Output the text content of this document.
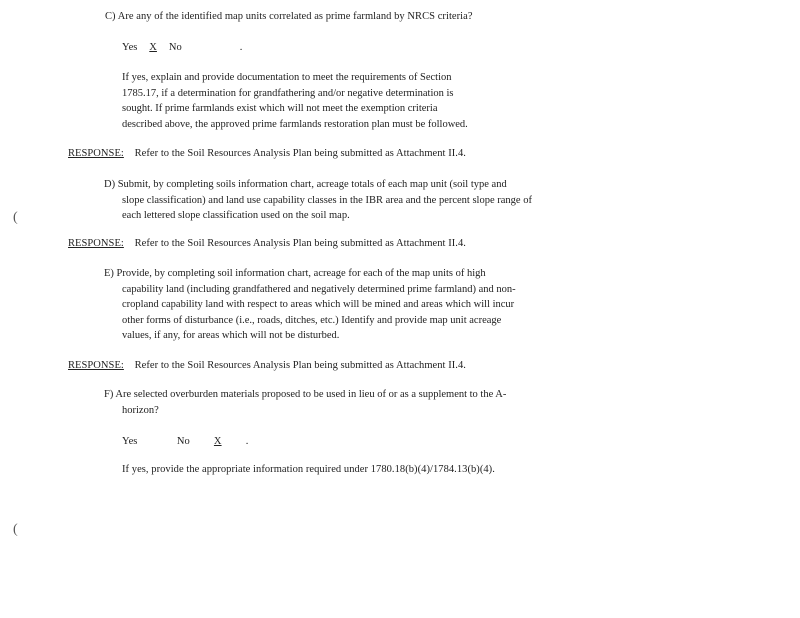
C) Are any of the identified map units correlated as prime farmland by NRCS criteria?
Yes X No	.
If yes, explain and provide documentation to meet the requirements of Section
1785.17, if a determination for grandfathering and/or negative determination is
sought. If prime farmlands exist which will not meet the exemption criteria
described above, the approved prime farmlands restoration plan must be followed.
RESPONSE: Refer to the Soil Resources Analysis Plan being submitted as Attachment II.4.
D) Submit, by completing soils information chart, acreage totals of each map unit (soil type and
slope classification) and land use capability classes in the IBR area and the percent slope range of
each lettered slope classification used on the soil map.
RESPONSE: Refer to the Soil Resources Analysis Plan being submitted as Attachment II.4.
E) Provide, by completing soil information chart, acreage for each of the map units of high
capability land (including grandfathered and negatively determined prime farmland) and non-
cropland capability land with respect to areas which will be mined and areas which will incur
other forms of disturbance (i.e., roads, ditches, etc.) Identify and provide map unit acreage
values, if any, for areas which will not be disturbed.
RESPONSE: Refer to the Soil Resources Analysis Plan being submitted as Attachment II.4.
F) Are selected overburden materials proposed to be used in lieu of or as a supplement to the A-
horizon?
Yes	No X .
If yes, provide the appropriate information required under 1780.18(b)(4)/1784.13(b)(4).
(
(
